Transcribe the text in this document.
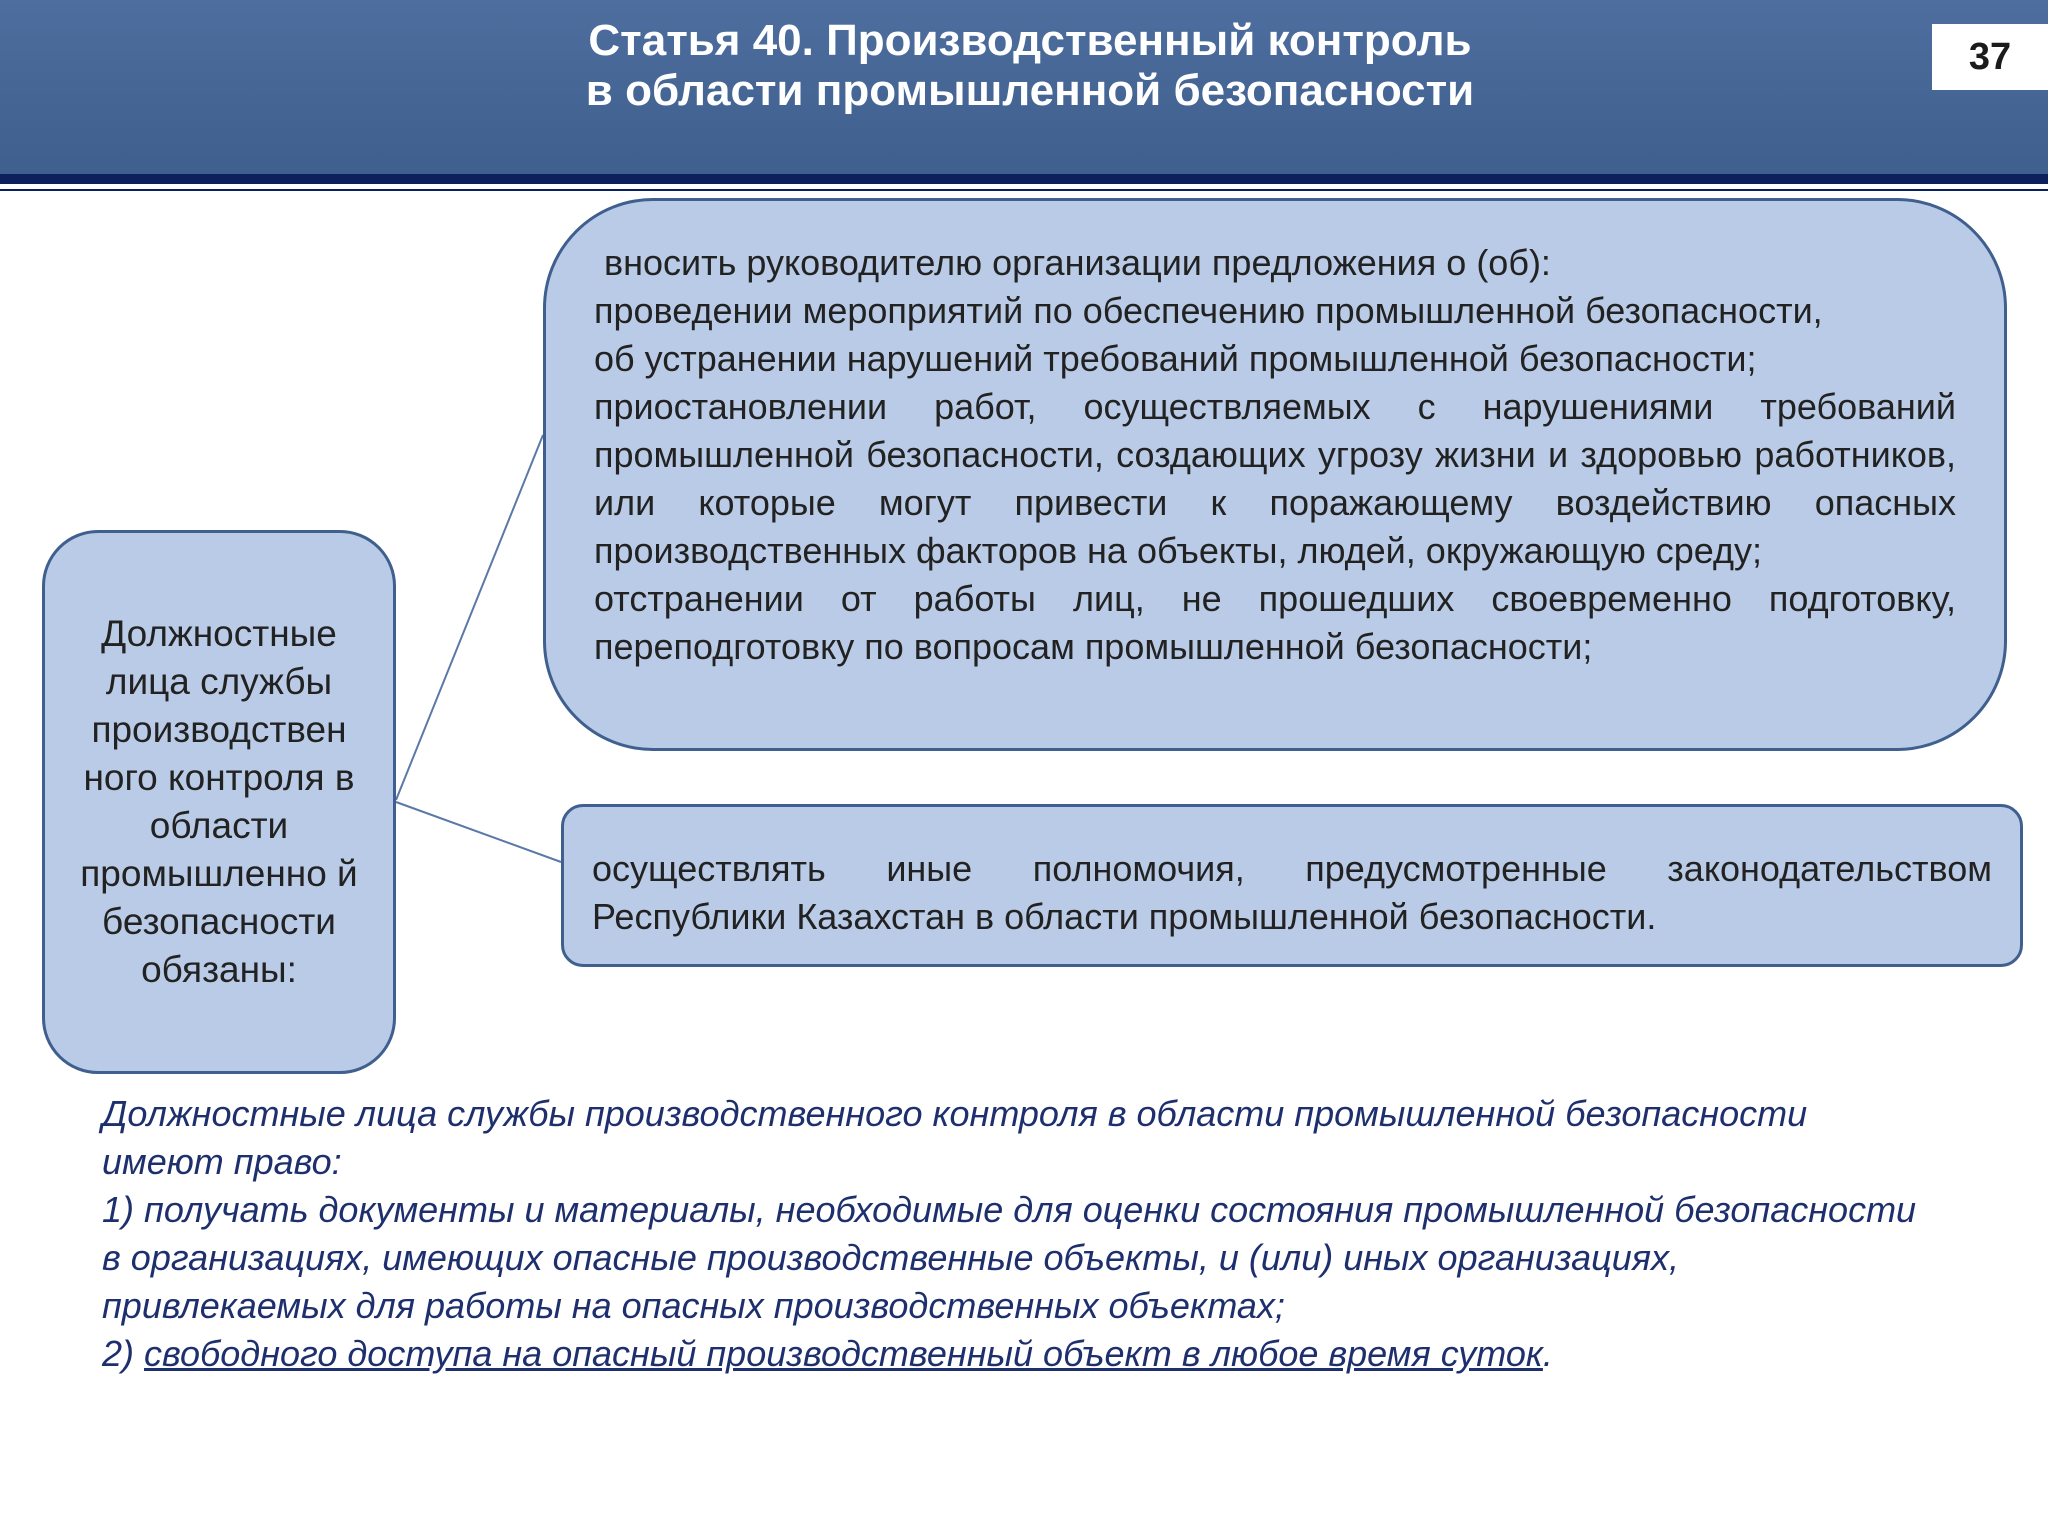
Статья 40. Производственный контроль
в области промышленной безопасности
37
Должностные лица службы производствен ного контроля в области промышленно й безопасности обязаны:

вносить руководителю организации предложения о (об):

проведении мероприятий по обеспечению промышленной безопасности,

об устранении нарушений требований промышленной безопасности;

приостановлении работ, осуществляемых с нарушениями требований промышленной безопасности, создающих угрозу жизни и здоровью работников, или которые могут привести к поражающему воздействию опасных производственных факторов на объекты, людей, окружающую среду;

отстранении от работы лиц, не прошедших своевременно подготовку, переподготовку по вопросам промышленной безопасности;

осуществлять иные полномочия, предусмотренные законодательством Республики Казахстан в области промышленной безопасности.

Должностные лица службы производственного контроля в области промышленной безопасности имеют право:

1) получать документы и материалы, необходимые для оценки состояния промышленной безопасности в организациях, имеющих опасные производственные объекты, и (или) иных организациях, привлекаемых для работы на опасных производственных объектах;

2) свободного доступа на опасный производственный объект в любое время суток.
